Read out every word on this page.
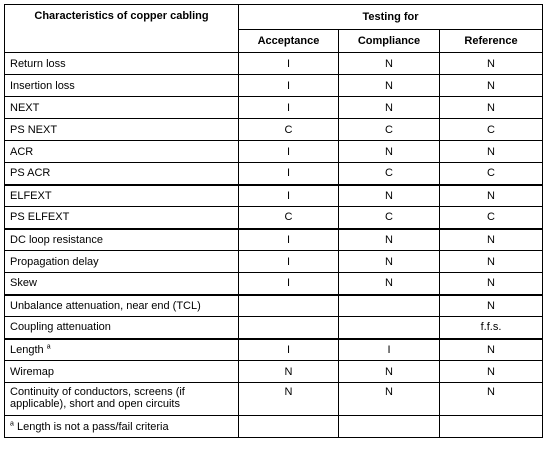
Characteristics of copper cabling	Testing for		
	Acceptance	Compliance	Reference
Return loss	I	N	N
Insertion loss	I	N	N
NEXT	I	N	N
PS NEXT	C	C	C
ACR	I	N	N
PS ACR	I	C	C
ELFEXT	I	N	N
PS ELFEXT	C	C	C
DC loop resistance	I	N	N
Propagation delay	I	N	N
Skew	I	N	N
Unbalance attenuation, near end (TCL)			N
Coupling attenuation			f.f.s.
Length $^a$	I	I	N
Wiremap	N	N	N
Continuity of conductors, screens (if applicable), short and open circuits	N	N	N
$^a$ Length is not a pass/fail criteria			
